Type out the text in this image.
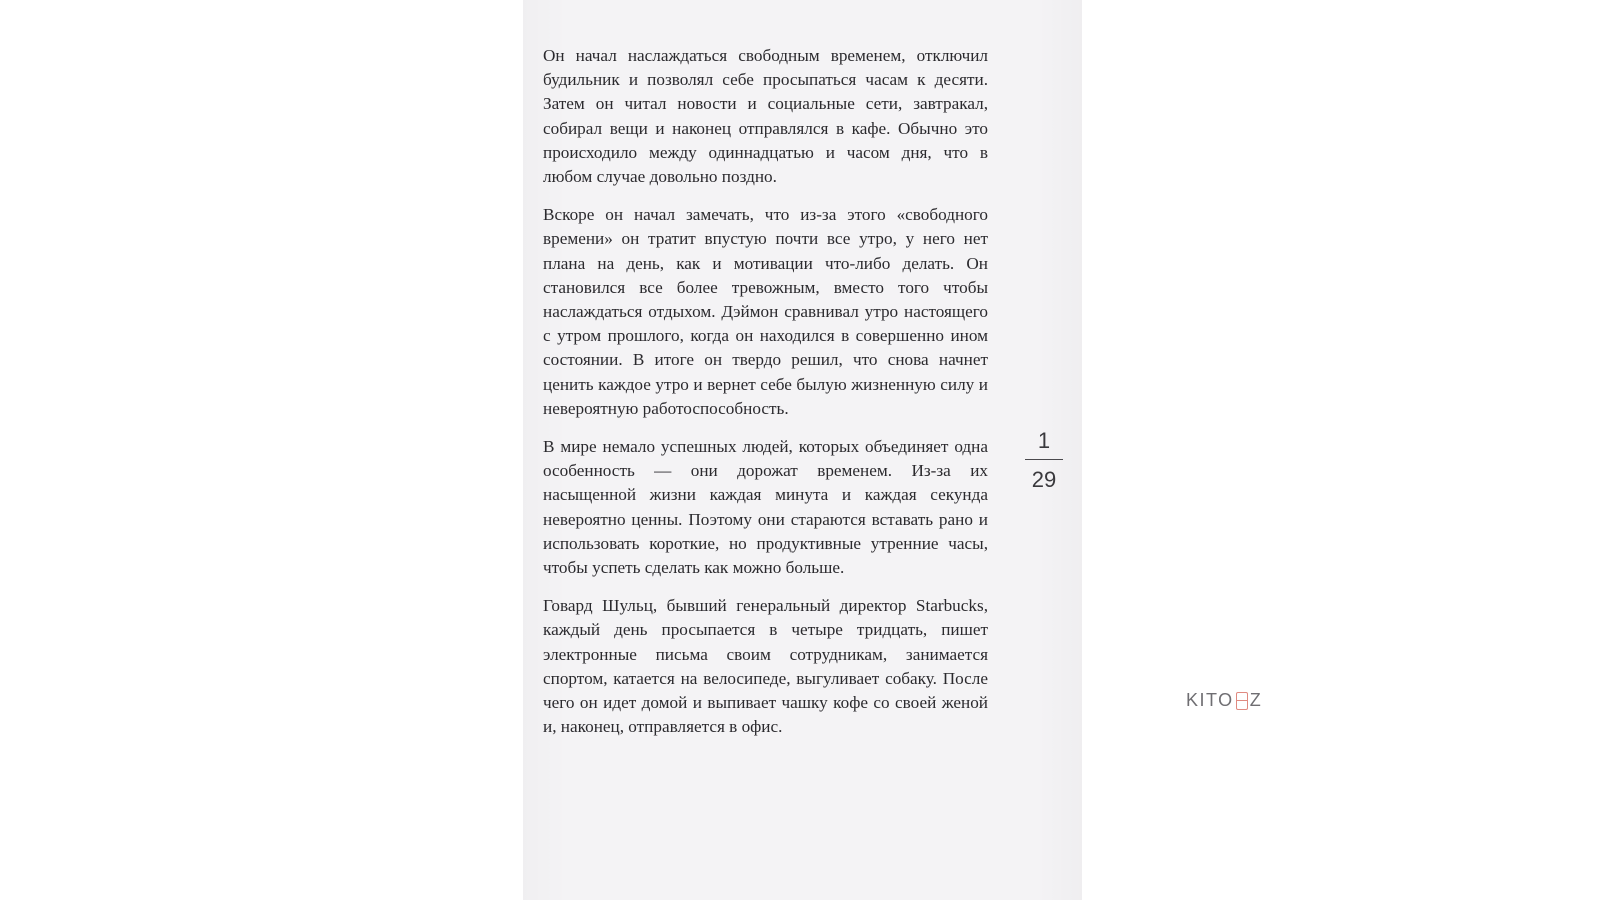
Он начал наслаждаться свободным временем, отключил будильник и позволял себе просыпаться часам к десяти. Затем он читал новости и социальные сети, завтракал, собирал вещи и наконец отправлялся в кафе. Обычно это происходило между одиннадцатью и часом дня, что в любом случае довольно поздно.

Вскоре он начал замечать, что из-за этого «свободного времени» он тратит впустую почти все утро, у него нет плана на день, как и мотивации что-либо делать. Он становился все более тревожным, вместо того чтобы наслаждаться отдыхом. Дэймон сравнивал утро настоящего с утром прошлого, когда он находился в совершенно ином состоянии. В итоге он твердо решил, что снова начнет ценить каждое утро и вернет себе былую жизненную силу и невероятную работоспособность.

В мире немало успешных людей, которых объединяет одна особенность — они дорожат временем. Из-за их насыщенной жизни каждая минута и каждая секунда невероятно ценны. Поэтому они стараются вставать рано и использовать короткие, но продуктивные утренние часы, чтобы успеть сделать как можно больше.

Говард Шульц, бывший генеральный директор Starbucks, каждый день просыпается в четыре тридцать, пишет электронные письма своим сотрудникам, занимается спортом, катается на велосипеде, выгуливает собаку. После чего он идет домой и выпивает чашку кофе со своей женой и, наконец, отправляется в офис.

1
29
KITO Z
